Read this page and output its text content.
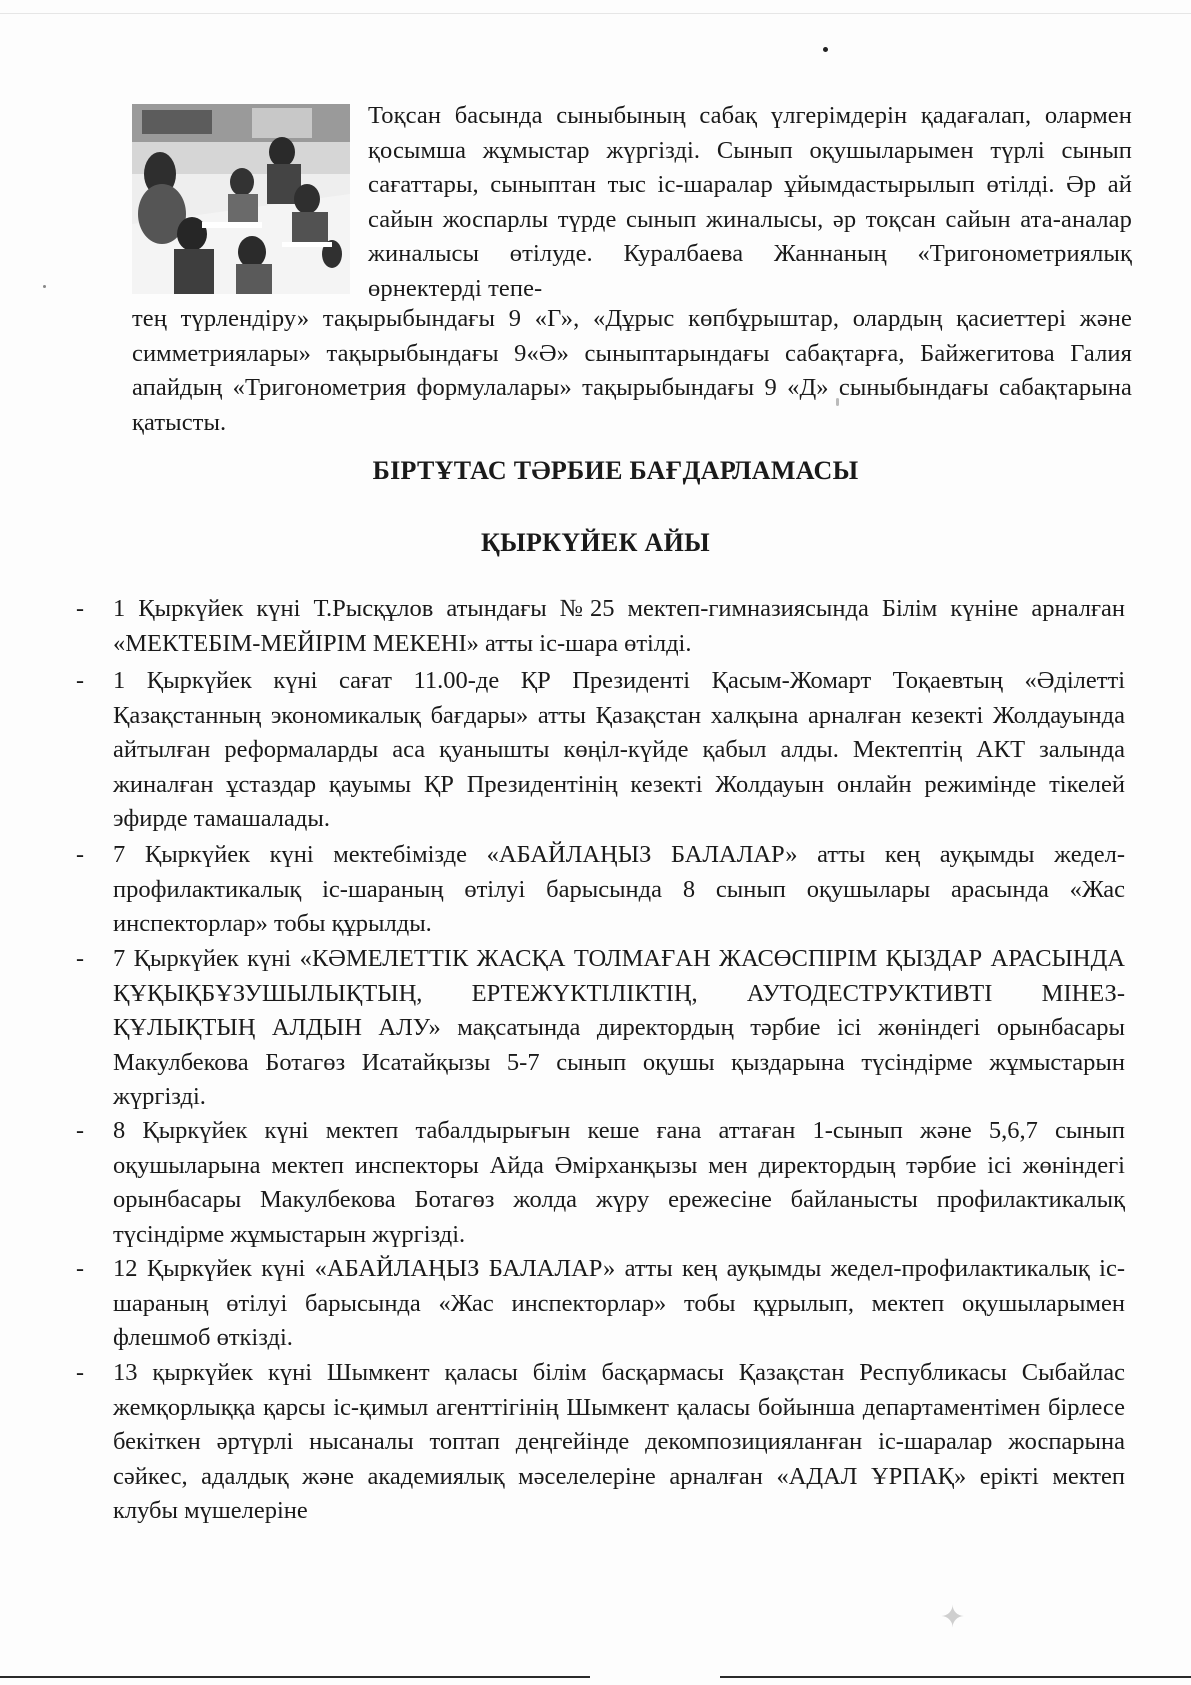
Тоқсан басында сыныбының сабақ үлгерімдерін қадағалап, олармен қосымша жұмыстар жүргізді. Сынып оқушыларымен түрлі сынып сағаттары, сыныптан тыс іс-шаралар ұйымдастырылып өтілді. Әр ай сайын жоспарлы түрде сынып жиналысы, әр тоқсан сайын ата-аналар жиналысы өтілуде. Куралбаева Жаннаның «Тригонометриялық өрнектерді тепе-
тең түрлендіру» тақырыбындағы 9 «Г», «Дұрыс көпбұрыштар, олардың қасиеттері және симметриялары» тақырыбындағы 9«Ә» сыныптарындағы сабақтарға, Байжегитова Галия апайдың «Тригонометрия формулалары» тақырыбындағы 9 «Д» сыныбындағы сабақтарына қатысты.
БІРТҰТАС ТӘРБИЕ БАҒДАРЛАМАСЫ
ҚЫРКҮЙЕК АЙЫ
- 1 Қыркүйек күні Т.Рысқұлов атындағы №25 мектеп-гимназиясында Білім күніне арналған «МЕКТЕБІМ-МЕЙІРІМ МЕКЕНІ» атты іс-шара өтілді.
- 1 Қыркүйек күні сағат 11.00-де ҚР Президенті Қасым-Жомарт Тоқаевтың «Әділетті Қазақстанның экономикалық бағдары» атты Қазақстан халқына арналған кезекті Жолдауында айтылған реформаларды аса қуанышты көңіл-күйде қабыл алды. Мектептің АКТ залында жиналған ұстаздар қауымы ҚР Президентінің кезекті Жолдауын онлайн режимінде тікелей эфирде тамашалады.
- 7 Қыркүйек күні мектебімізде «АБАЙЛАҢЫЗ БАЛАЛАР» атты кең ауқымды жедел-профилактикалық іс-шараның өтілуі барысында 8 сынып оқушылары арасында «Жас инспекторлар» тобы құрылды.
- 7 Қыркүйек күні «КӘМЕЛЕТТІК ЖАСҚА ТОЛМАҒАН ЖАСӨСПІРІМ ҚЫЗДАР АРАСЫНДА ҚҰҚЫҚБҰЗУШЫЛЫҚТЫҢ, ЕРТЕЖҮКТІЛІКТІҢ, АУТОДЕСТРУКТИВТІ МІНЕЗ-ҚҰЛЫҚТЫҢ АЛДЫН АЛУ» мақсатында директордың тәрбие ісі жөніндегі орынбасары Макулбекова Ботагөз Исатайқызы 5-7 сынып оқушы қыздарына түсіндірме жұмыстарын жүргізді.
- 8 Қыркүйек күні мектеп табалдырығын кеше ғана аттаған 1-сынып және 5,6,7 сынып оқушыларына мектеп инспекторы Айда Әмірханқызы мен директордың тәрбие ісі жөніндегі орынбасары Макулбекова Ботагөз жолда жүру ережесіне байланысты профилактикалық түсіндірме жұмыстарын жүргізді.
- 12 Қыркүйек күні «АБАЙЛАҢЫЗ БАЛАЛАР» атты кең ауқымды жедел-профилактикалық іс-шараның өтілуі барысында «Жас инспекторлар» тобы құрылып, мектеп оқушыларымен флешмоб өткізді.
- 13 қыркүйек күні Шымкент қаласы білім басқармасы Қазақстан Республикасы Сыбайлас жемқорлыққа қарсы іс-қимыл агенттігінің Шымкент қаласы бойынша департаментімен бірлесе бекіткен әртүрлі нысаналы топтап деңгейінде декомпозицияланған іс-шаралар жоспарына сәйкес, адалдық және академиялық мәселелеріне арналған «АДАЛ ҰРПАҚ» ерікті мектеп клубы мүшелеріне
✦
